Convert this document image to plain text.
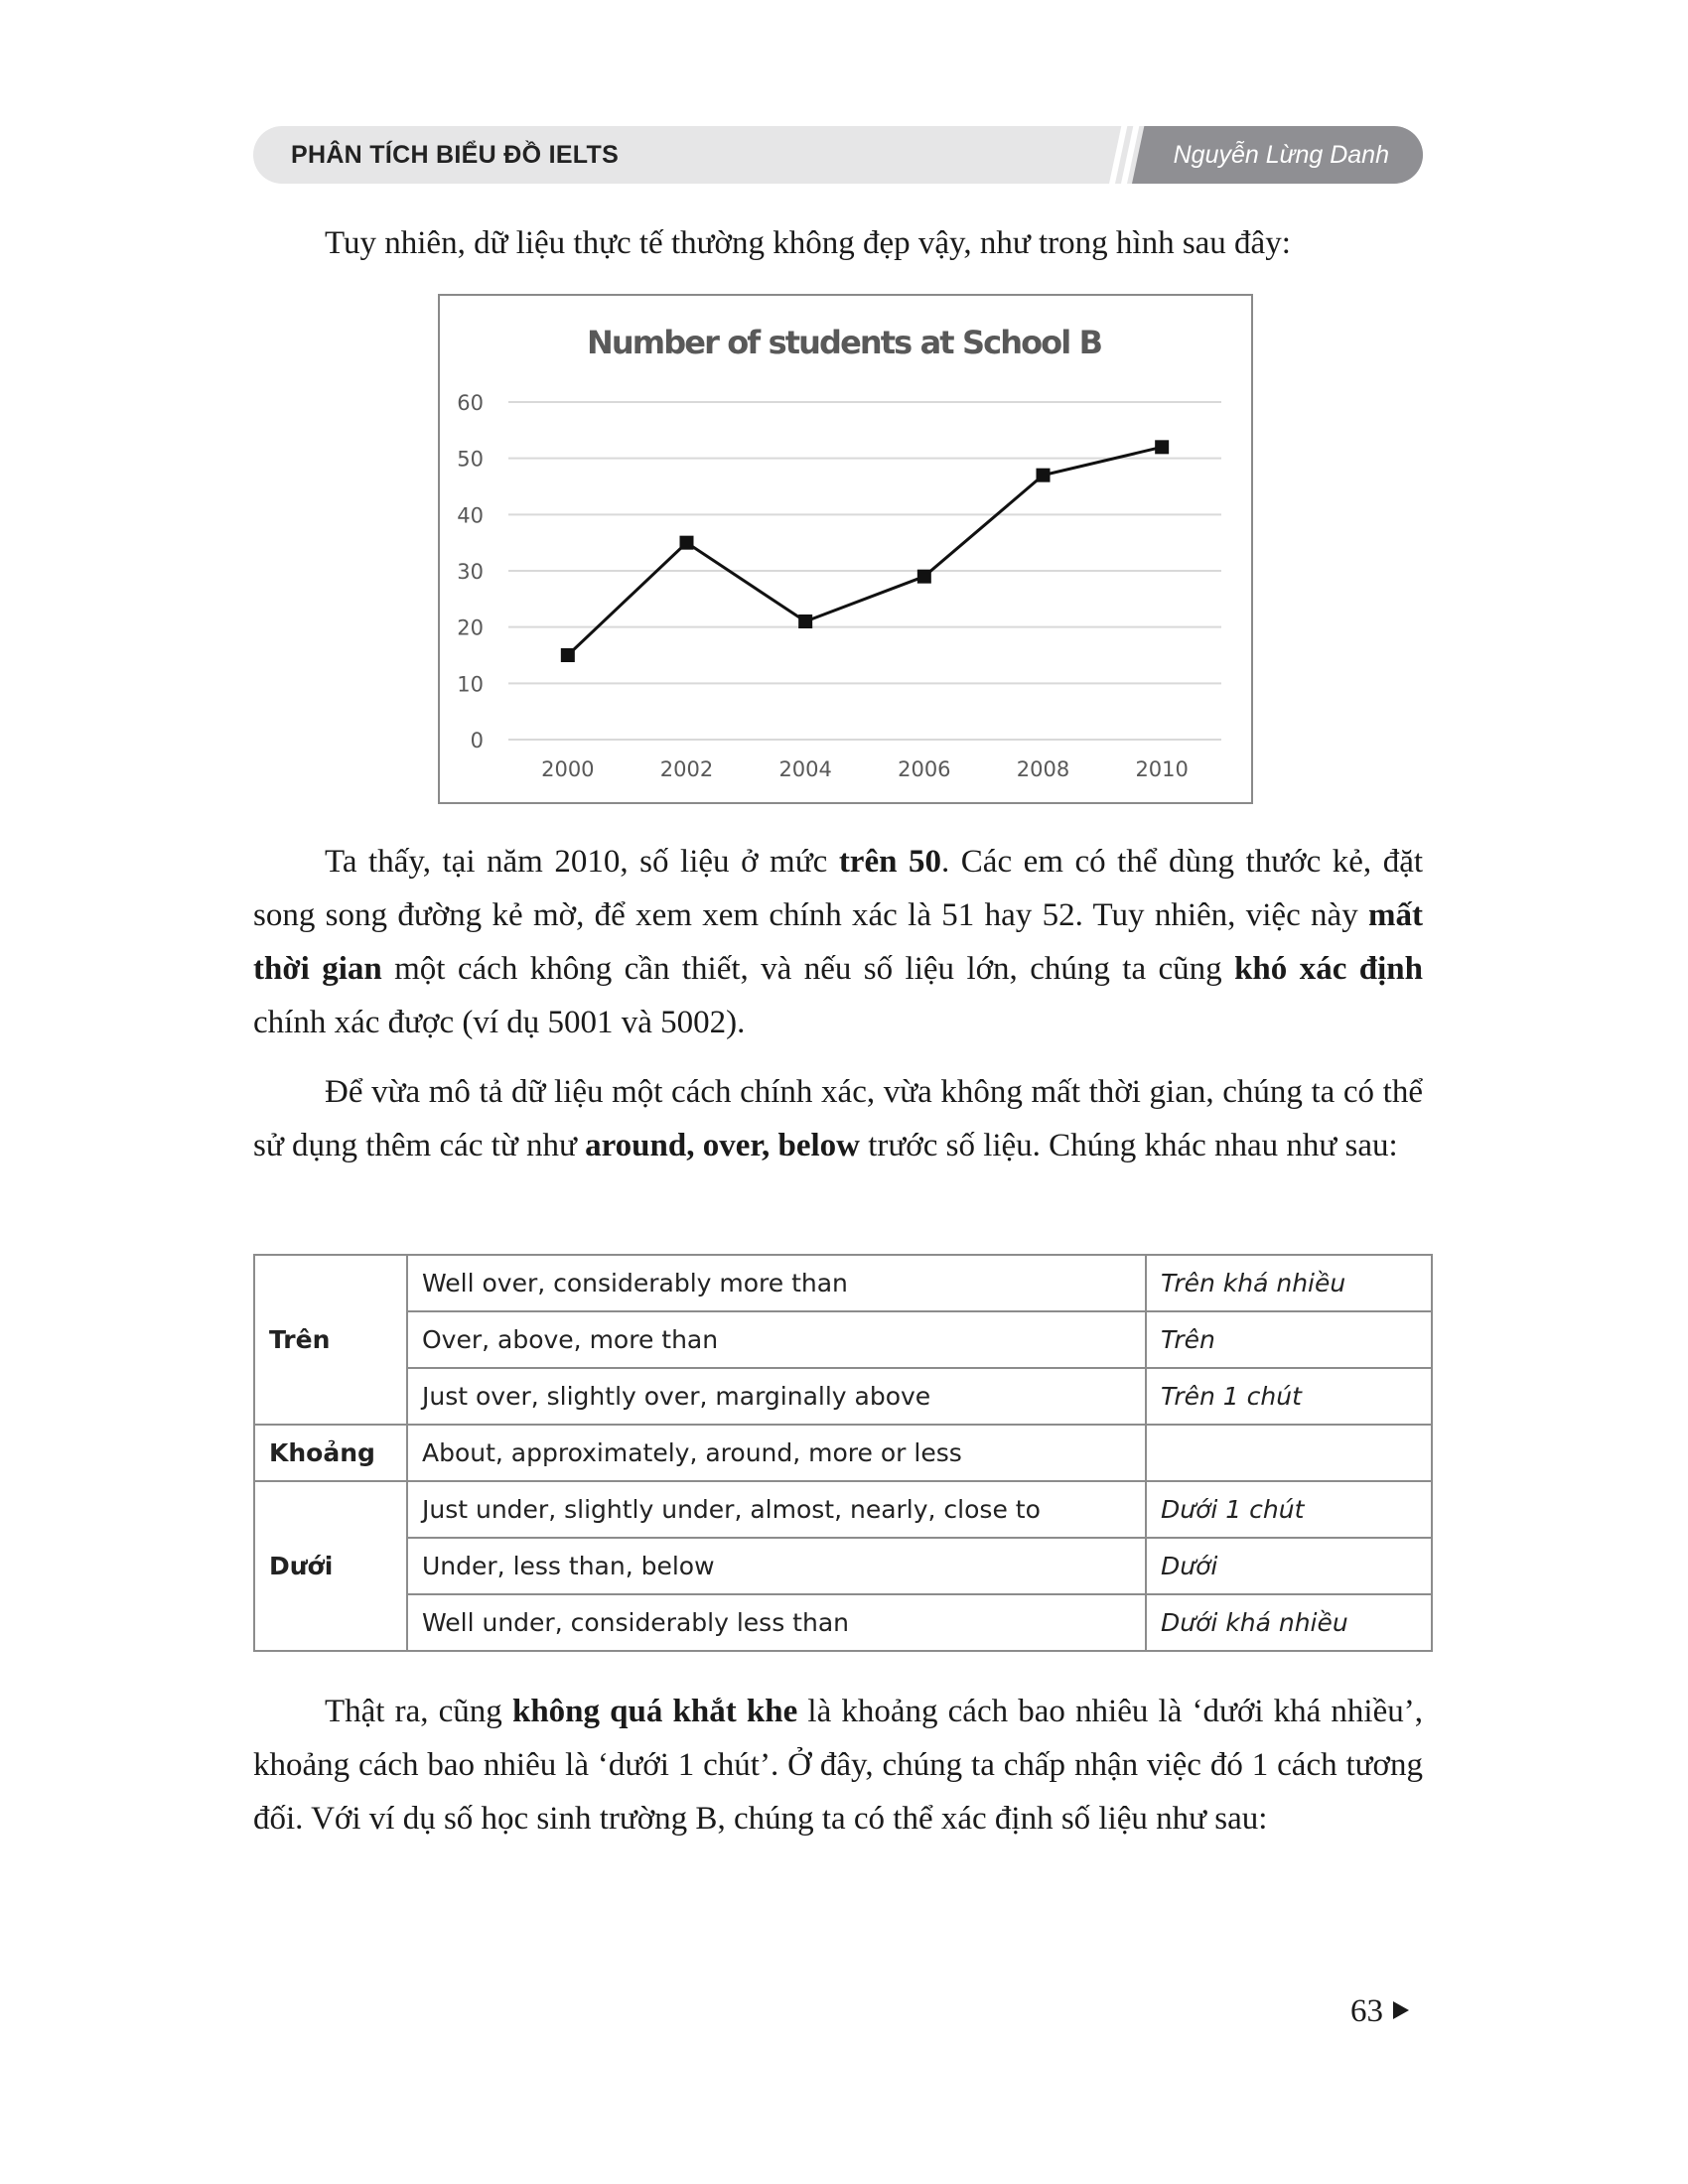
PHÂN TÍCH BIỂU ĐỒ IELTS	Nguyễn Lừng Danh
Tuy nhiên, dữ liệu thực tế thường không đẹp vậy, như trong hình sau đây:
Number of students at School B
0
10
20
30
40
50
60
2000	2002	2004	2006	2008	2010
Ta thấy, tại năm 2010, số liệu ở mức trên 50. Các em có thể dùng thước kẻ, đặt song song đường kẻ mờ, để xem xem chính xác là 51 hay 52. Tuy nhiên, việc này mất thời gian một cách không cần thiết, và nếu số liệu lớn, chúng ta cũng khó xác định chính xác được (ví dụ 5001 và 5002).
Để vừa mô tả dữ liệu một cách chính xác, vừa không mất thời gian, chúng ta có thể sử dụng thêm các từ như around, over, below trước số liệu. Chúng khác nhau như sau:
Trên	Well over, considerably more than	Trên khá nhiều
	Over, above, more than	Trên
	Just over, slightly over, marginally above	Trên 1 chút
Khoảng	About, approximately, around, more or less	
Dưới	Just under, slightly under, almost, nearly, close to	Dưới 1 chút
	Under, less than, below	Dưới
	Well under, considerably less than	Dưới khá nhiều
Thật ra, cũng không quá khắt khe là khoảng cách bao nhiêu là ‘dưới khá nhiều’, khoảng cách bao nhiêu là ‘dưới 1 chút’. Ở đây, chúng ta chấp nhận việc đó 1 cách tương đối. Với ví dụ số học sinh trường B, chúng ta có thể xác định số liệu như sau:
63
